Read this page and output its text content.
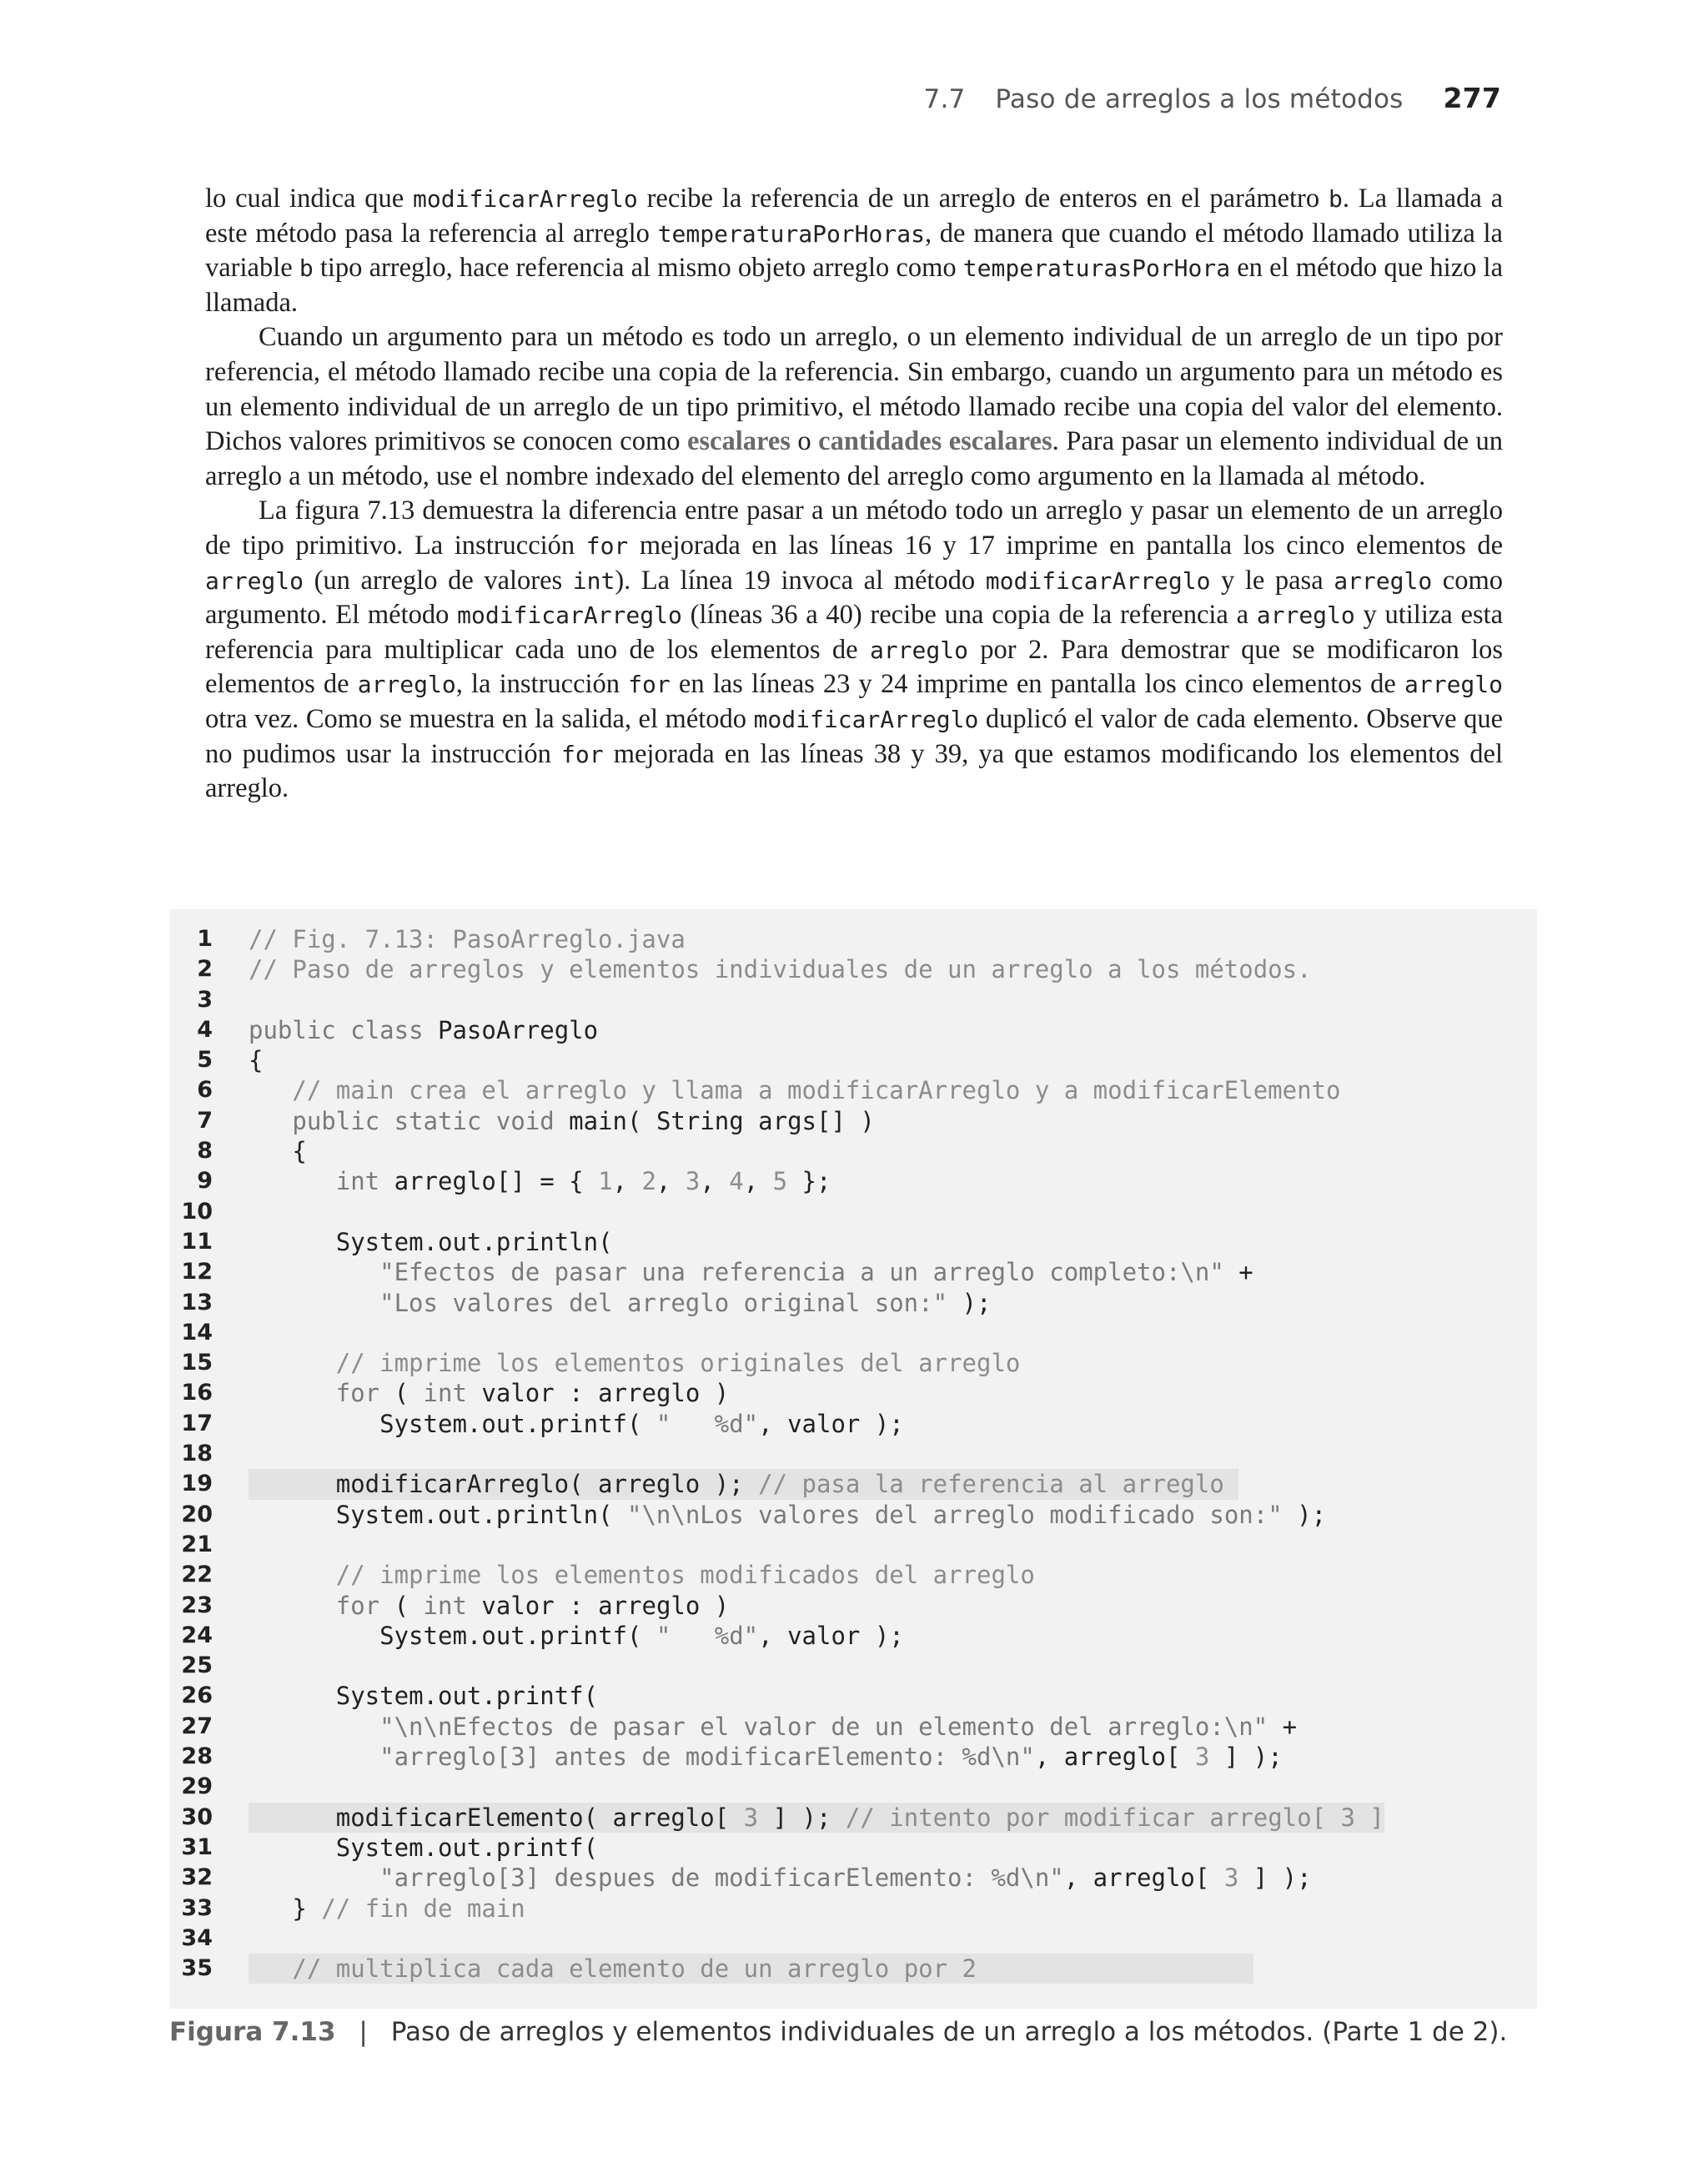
7.7 Paso de arreglos a los métodos 277

lo cual indica que modificarArreglo recibe la referencia de un arreglo de enteros en el parámetro b. La llamada a este método pasa la referencia al arreglo temperaturaPorHoras, de manera que cuando el método llamado utiliza la variable b tipo arreglo, hace referencia al mismo objeto arreglo como temperaturasPorHora en el método que hizo la llamada.

Cuando un argumento para un método es todo un arreglo, o un elemento individual de un arreglo de un tipo por referencia, el método llamado recibe una copia de la referencia. Sin embargo, cuando un argumento para un método es un elemento individual de un arreglo de un tipo primitivo, el método llamado recibe una copia del valor del elemento. Dichos valores primitivos se conocen como escalares o cantidades escalares. Para pasar un elemento individual de un arreglo a un método, use el nombre indexado del elemento del arreglo como argumento en la llamada al método.

La figura 7.13 demuestra la diferencia entre pasar a un método todo un arreglo y pasar un elemento de un arreglo de tipo primitivo. La instrucción for mejorada en las líneas 16 y 17 imprime en pantalla los cinco elementos de arreglo (un arreglo de valores int). La línea 19 invoca al método modificarArreglo y le pasa arreglo como argumento. El método modificarArreglo (líneas 36 a 40) recibe una copia de la referencia a arreglo y utiliza esta referencia para multiplicar cada uno de los elementos de arreglo por 2. Para demostrar que se modificaron los elementos de arreglo, la instrucción for en las líneas 23 y 24 imprime en pantalla los cinco elementos de arreglo otra vez. Como se muestra en la salida, el método modificarArreglo duplicó el valor de cada elemento. Observe que no pudimos usar la instrucción for mejorada en las líneas 38 y 39, ya que estamos modificando los elementos del arreglo.

1 // Fig. 7.13: PasoArreglo.java
2 // Paso de arreglos y elementos individuales de un arreglo a los métodos.
3
4 public class PasoArreglo
5 {
6	// main crea el arreglo y llama a modificarArreglo y a modificarElemento
7	public static void main( String args[] )
8 {
9	int arreglo[] = { 1, 2, 3, 4, 5 };
10
11	System.out.println(
12	"Efectos de pasar una referencia a un arreglo completo:\n" +
13	"Los valores del arreglo original son:" );
14
15	// imprime los elementos originales del arreglo
16	for ( int valor : arreglo )
17	System.out.printf( "   %d", valor );
18
19	modificarArreglo( arreglo ); // pasa la referencia al arreglo
20	System.out.println( "\n\nLos valores del arreglo modificado son:" );
21
22	// imprime los elementos modificados del arreglo
23	for ( int valor : arreglo )
24	System.out.printf( "   %d", valor );
25
26	System.out.printf(
27	"\n\nEfectos de pasar el valor de un elemento del arreglo:\n" +
28	"arreglo[3] antes de modificarElemento: %d\n", arreglo[ 3 ] );
29
30	modificarElemento( arreglo[ 3 ] ); // intento por modificar arreglo[ 3 ]
31	System.out.printf(
32	"arreglo[3] despues de modificarElemento: %d\n", arreglo[ 3 ] );
33 } // fin de main
34
35	// multiplica cada elemento de un arreglo por 2
Figura 7.13 | Paso de arreglos y elementos individuales de un arreglo a los métodos. (Parte 1 de 2).
